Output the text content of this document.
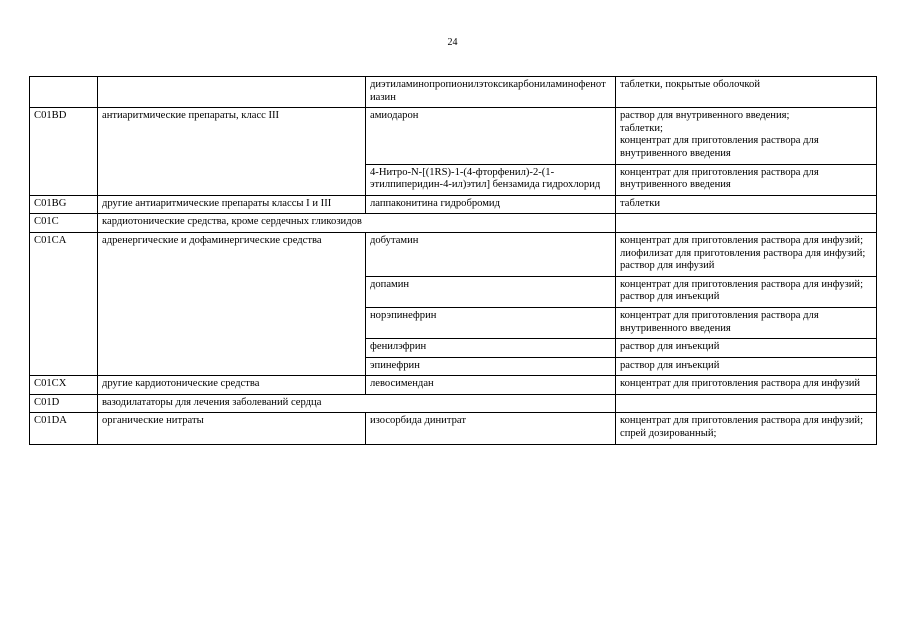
24
		диэтиламинопропионилэтоксикарбониламинофенотиазин	таблетки, покрытые оболочкой

C01BD	антиаритмические препараты, класс III	амиодарон	раствор для внутривенного введения;
таблетки;
концентрат для приготовления раствора для внутривенного введения

		4-Нитро-N-[(1RS)-1-(4-фторфенил)-2-(1-этилпиперидин-4-ил)этил] бензамида гидрохлорид	концентрат для приготовления раствора для внутривенного введения

C01BG	другие антиаритмические препараты классы I и III	лаппаконитина гидробромид	таблетки

C01C	кардиотонические средства, кроме сердечных гликозидов		
C01CA	адренергические и дофаминергические средства	добутамин	концентрат для приготовления раствора для инфузий;
лиофилизат для приготовления раствора для инфузий;
раствор для инфузий

		допамин	концентрат для приготовления раствора для инфузий;
раствор для инъекций

		норэпинефрин	концентрат для приготовления раствора для внутривенного введения

		фенилэфрин	раствор для инъекций

		эпинефрин	раствор для инъекций

C01CX	другие кардиотонические средства	левосимендан	концентрат для приготовления раствора для инфузий

C01D	вазодилататоры для лечения заболеваний сердца		
C01DA	органические нитраты	изосорбида динитрат	концентрат для приготовления раствора для инфузий;
спрей дозированный;
